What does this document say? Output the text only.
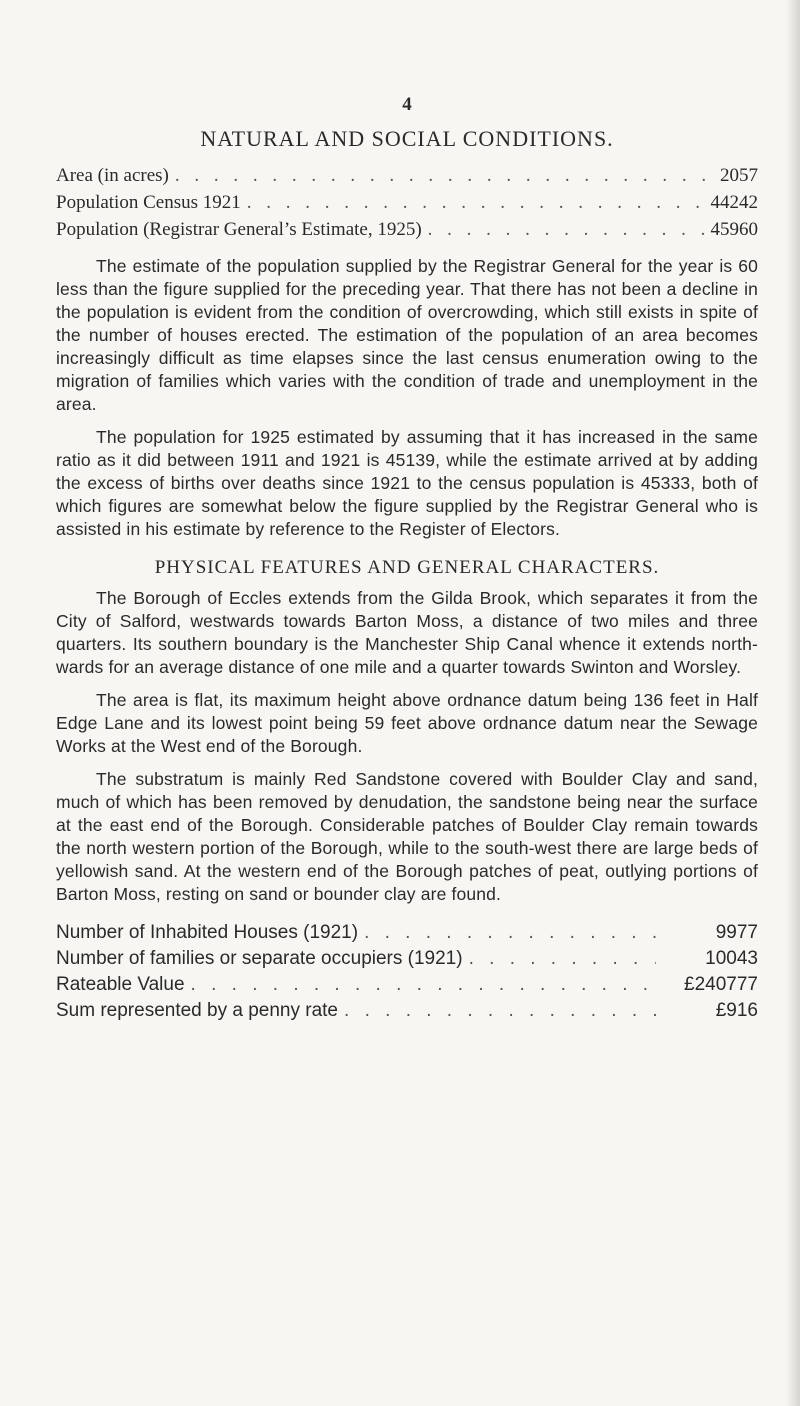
4
NATURAL AND SOCIAL CONDITIONS.
Area (in acres) . . .	2057
Population Census 1921 . . .	44242
Population (Registrar General’s Estimate, 1925) . . .	45960

The estimate of the population supplied by the Registrar General for the year is 60 less than the figure supplied for the preceding year. That there has not been a decline in the population is evident from the condition of overcrowding, which still exists in spite of the number of houses erected. The estimation of the population of an area becomes increasingly difficult as time elapses since the last census enumeration owing to the migration of families which varies with the condition of trade and unemployment in the area.

The population for 1925 estimated by assuming that it has increased in the same ratio as it did between 1911 and 1921 is 45139, while the estimate arrived at by adding the excess of births over deaths since 1921 to the census population is 45333, both of which figures are somewhat below the figure supplied by the Registrar General who is assisted in his estimate by reference to the Register of Electors.

PHYSICAL FEATURES AND GENERAL CHARACTERS.

The Borough of Eccles extends from the Gilda Brook, which separates it from the City of Salford, westwards towards Barton Moss, a distance of two miles and three quarters. Its southern boundary is the Manchester Ship Canal whence it extends north-wards for an average distance of one mile and a quarter towards Swinton and Worsley.

The area is flat, its maximum height above ordnance datum being 136 feet in Half Edge Lane and its lowest point being 59 feet above ordnance datum near the Sewage Works at the West end of the Borough.

The substratum is mainly Red Sandstone covered with Boulder Clay and sand, much of which has been removed by denudation, the sandstone being near the surface at the east end of the Borough. Considerable patches of Boulder Clay remain towards the north western portion of the Borough, while to the south-west there are large beds of yellowish sand. At the western end of the Borough patches of peat, outlying portions of Barton Moss, resting on sand or bounder clay are found.

Number of Inhabited Houses (1921) . . .	9977
Number of families or separate occupiers (1921) . . .	10043
Rateable Value . . .	£240777
Sum represented by a penny rate . . .	£916
